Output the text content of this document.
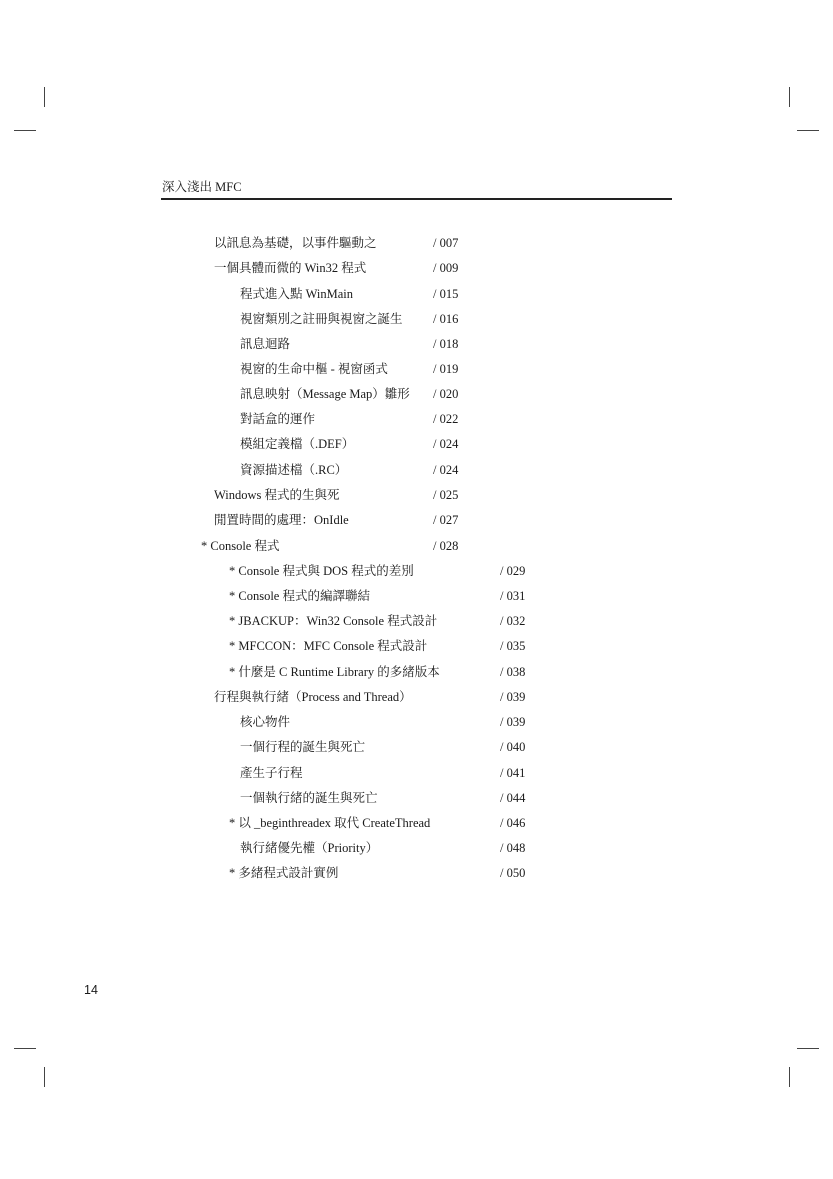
深入淺出 MFC
以訊息為基礎，以事件驅動之	/ 007
一個具體而微的 Win32 程式	/ 009
程式進入點 WinMain	/ 015
視窗類別之註冊與視窗之誕生 / 016
訊息迴路	/ 018
視窗的生命中樞 - 視窗函式	/ 019
訊息映射（Message Map）雛形 / 020
對話盒的運作	/ 022
模組定義檔（.DEF）	/ 024
資源描述檔（.RC）	/ 024
Windows 程式的生與死	/ 025
閒置時間的處理：OnIdle	/ 027
* Console 程式	/ 028
* Console 程式與 DOS 程式的差別	/ 029
* Console 程式的編譯聯結	/ 031
* JBACKUP：Win32 Console 程式設計	/ 032
* MFCCON：MFC Console 程式設計	/ 035
* 什麼是 C Runtime Library 的多緒版本	/ 038
行程與執行緒（Process and Thread）	/ 039
核心物件	/ 039
一個行程的誕生與死亡	/ 040
產生子行程	/ 041
一個執行緒的誕生與死亡	/ 044
* 以 _beginthreadex 取代 CreateThread	/ 046
執行緒優先權（Priority）	/ 048
* 多緒程式設計實例	/ 050
14
